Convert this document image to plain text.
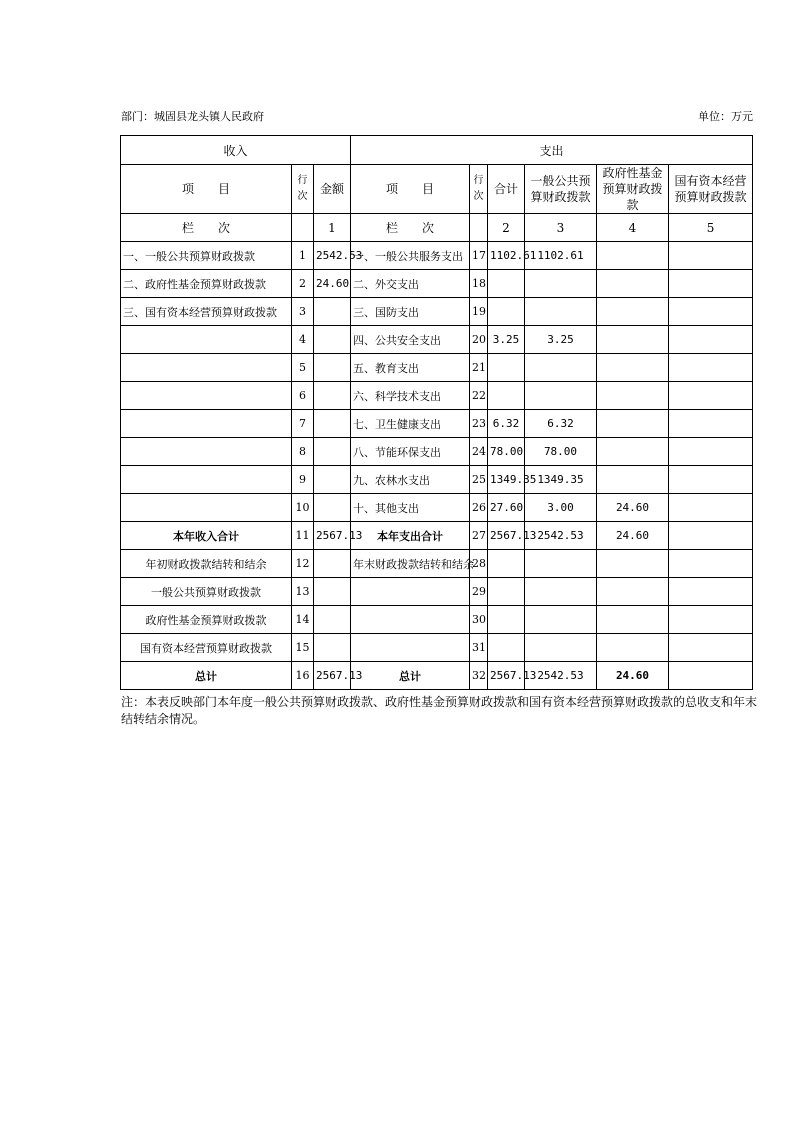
部门：城固县龙头镇人民政府	单位：万元
收入			支出					
项　　目	行次	金额	项　　目	行次	合计	一般公共预算财政拨款	政府性基金预算财政拨款	国有资本经营预算财政拨款
栏　　次		1	栏　　次		2	3	4	5
一、一般公共预算财政拨款	1	2542.53	一、一般公共服务支出	17	1102.61	1102.61		
二、政府性基金预算财政拨款	2	24.60	二、外交支出	18				
三、国有资本经营预算财政拨款	3		三、国防支出	19				
	4		四、公共安全支出	20	3.25	3.25		
	5		五、教育支出	21				
	6		六、科学技术支出	22				
	7		七、卫生健康支出	23	6.32	6.32		
	8		八、节能环保支出	24	78.00	78.00		
	9		九、农林水支出	25	1349.35	1349.35		
	10		十、其他支出	26	27.60	3.00	24.60	
本年收入合计	11	2567.13	本年支出合计	27	2567.13	2542.53	24.60	
年初财政拨款结转和结余	12		年末财政拨款结转和结余	28				
一般公共预算财政拨款	13			29				
政府性基金预算财政拨款	14			30				
国有资本经营预算财政拨款	15			31				
总计	16	2567.13	总计	32	2567.13	2542.53	24.60	
注：本表反映部门本年度一般公共预算财政拨款、政府性基金预算财政拨款和国有资本经营预算财政拨款的总收支和年末结转结余情况。
